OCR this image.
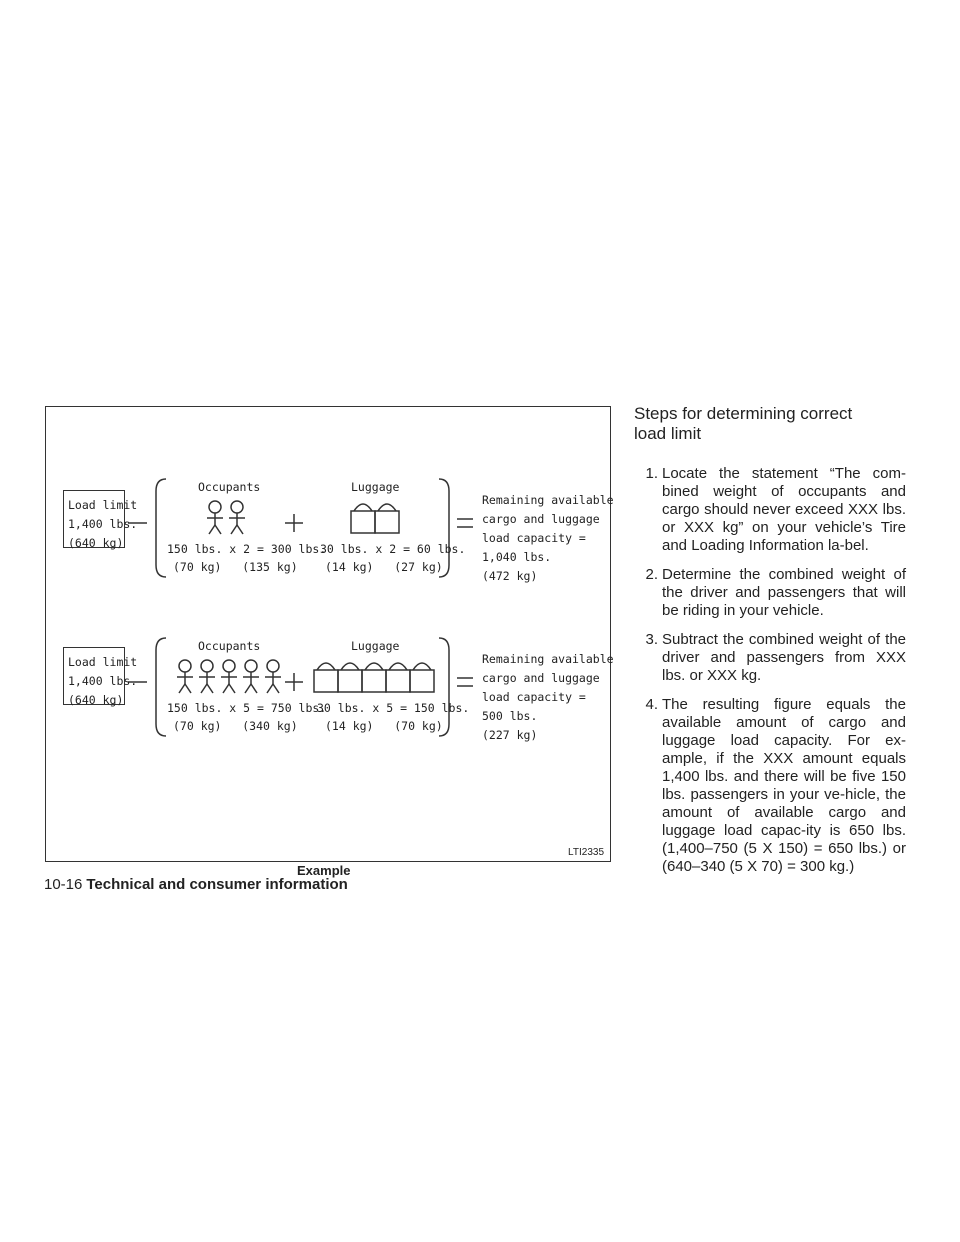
Load limit
1,400 lbs.
(640 kg)
Occupants
150 lbs. x 2 = 300 lbs.
(70 kg)   (135 kg)
Luggage
30 lbs. x 2 = 60 lbs.
(14 kg)   (27 kg)
Remaining available
cargo and luggage
load capacity =
1,040 lbs.
(472 kg)
Load limit
1,400 lbs.
(640 kg)
Occupants
150 lbs. x 5 = 750 lbs.
(70 kg)   (340 kg)
Luggage
30 lbs. x 5 = 150 lbs.
(14 kg)   (70 kg)
Remaining available
cargo and luggage
load capacity =
500 lbs.
(227 kg)
LTI2335
Example
10-16 Technical and consumer information
Steps for determining correct
load limit
1. Locate the statement “The com-bined weight of occupants and cargo should never exceed XXX lbs. or XXX kg” on your vehicle’s Tire and Loading Information la-bel.
2. Determine the combined weight of the driver and passengers that will be riding in your vehicle.
3. Subtract the combined weight of the driver and passengers from XXX lbs. or XXX kg.
4. The resulting figure equals the available amount of cargo and luggage load capacity. For ex-ample, if the XXX amount equals 1,400 lbs. and there will be five 150 lbs. passengers in your ve-hicle, the amount of available cargo and luggage load capac-ity is 650 lbs. (1,400–750 (5 X 150) = 650 lbs.) or (640–340 (5 X 70) = 300 kg.)
